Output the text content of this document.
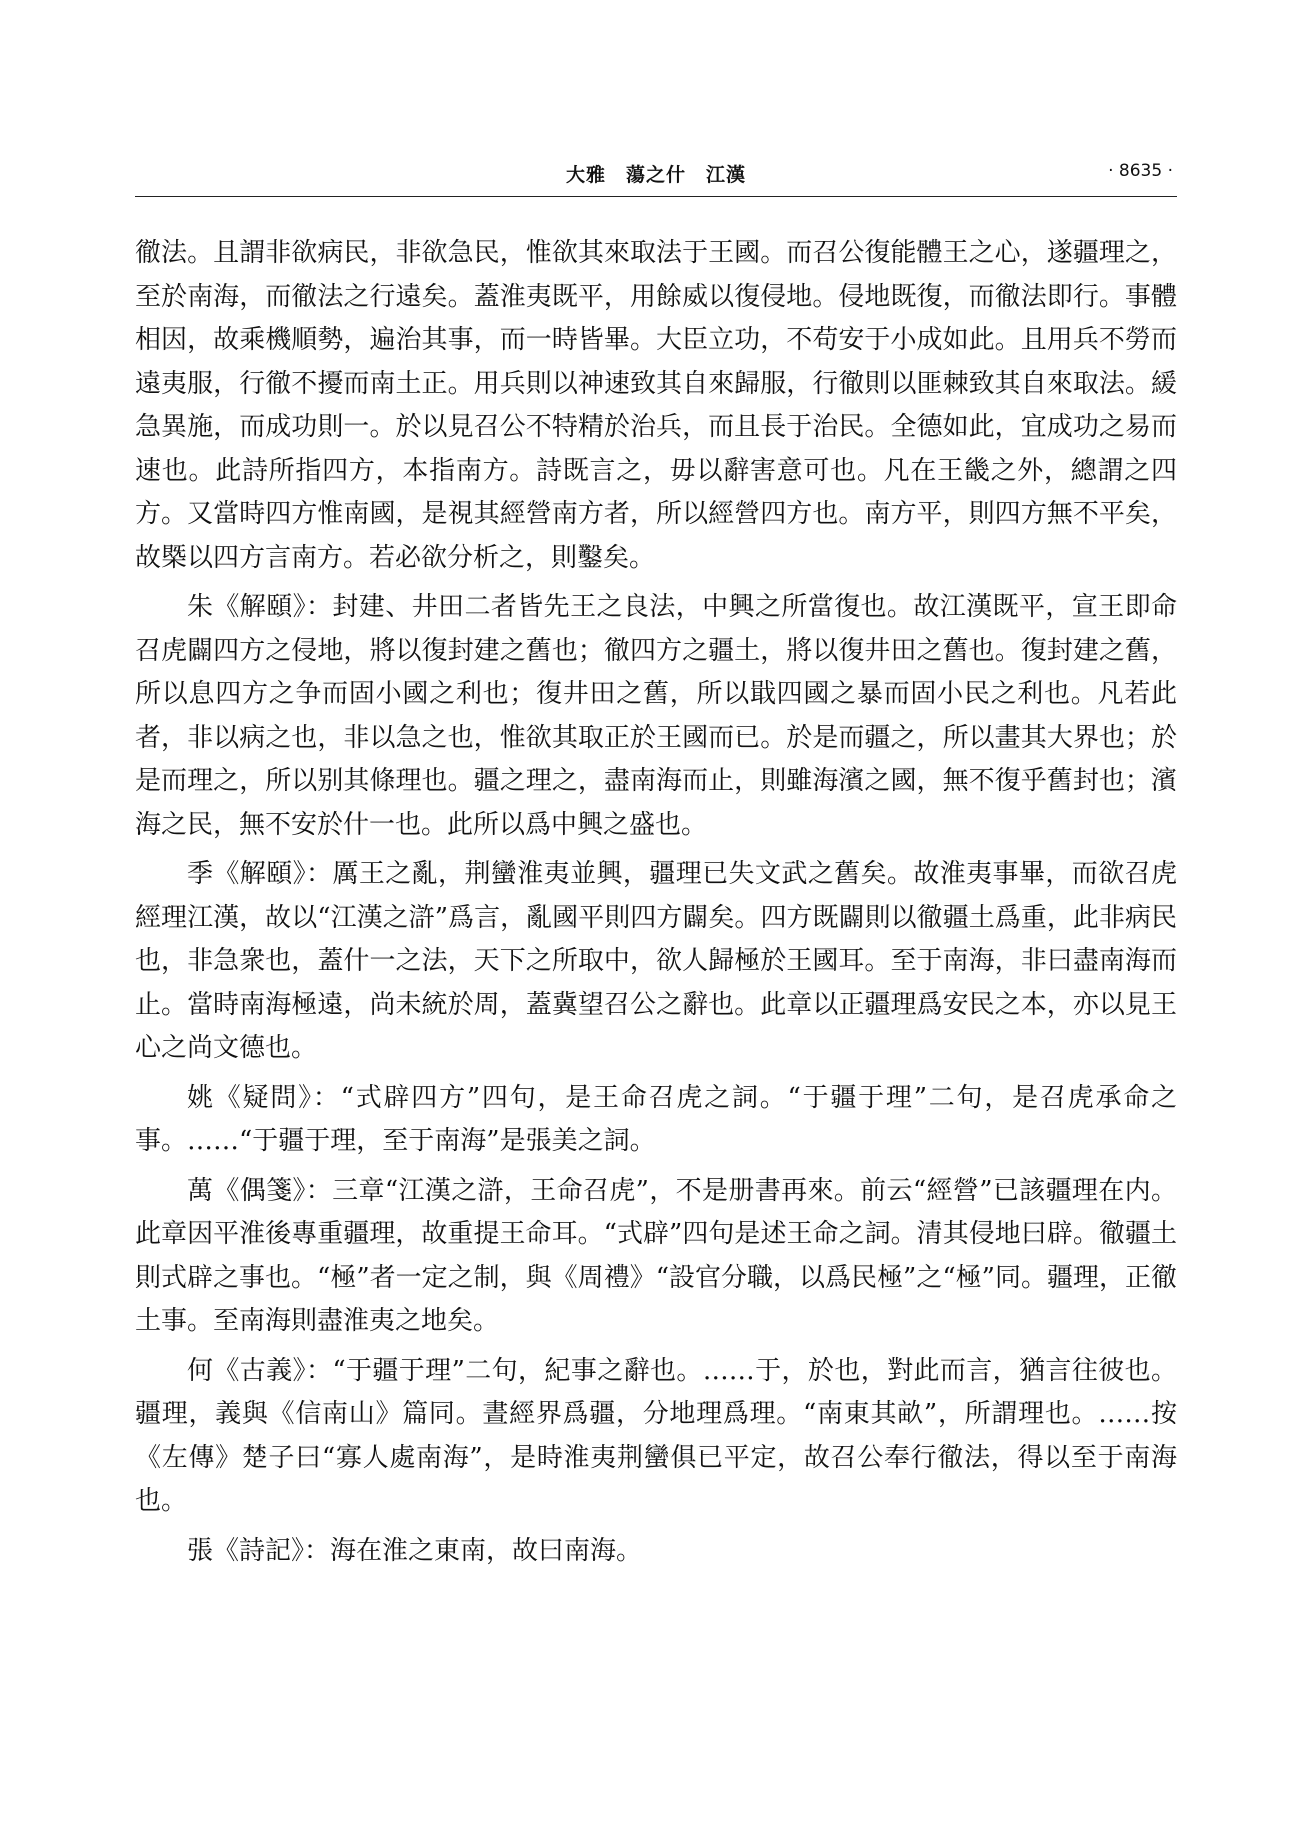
大雅　蕩之什　江漢	· 8635 ·

徹法。且謂非欲病民，非欲急民，惟欲其來取法于王國。而召公復能體王之心，遂疆理之，至於南海，而徹法之行遠矣。蓋淮夷既平，用餘威以復侵地。侵地既復，而徹法即行。事體相因，故乘機順勢，遍治其事，而一時皆畢。大臣立功，不苟安于小成如此。且用兵不勞而遠夷服，行徹不擾而南土正。用兵則以神速致其自來歸服，行徹則以匪棘致其自來取法。緩急異施，而成功則一。於以見召公不特精於治兵，而且長于治民。全德如此，宜成功之易而速也。此詩所指四方，本指南方。詩既言之，毋以辭害意可也。凡在王畿之外，總謂之四方。又當時四方惟南國，是視其經營南方者，所以經營四方也。南方平，則四方無不平矣，故槩以四方言南方。若必欲分析之，則鑿矣。

朱《解頤》：封建、井田二者皆先王之良法，中興之所當復也。故江漢既平，宣王即命召虎闢四方之侵地，將以復封建之舊也；徹四方之疆土，將以復井田之舊也。復封建之舊，所以息四方之争而固小國之利也；復井田之舊，所以戢四國之暴而固小民之利也。凡若此者，非以病之也，非以急之也，惟欲其取正於王國而已。於是而疆之，所以畫其大界也；於是而理之，所以别其條理也。疆之理之，盡南海而止，則雖海濱之國，無不復乎舊封也；濱海之民，無不安於什一也。此所以爲中興之盛也。

季《解頤》：厲王之亂，荆蠻淮夷並興，疆理已失文武之舊矣。故淮夷事畢，而欲召虎經理江漢，故以“江漢之滸”爲言，亂國平則四方闢矣。四方既闢則以徹疆土爲重，此非病民也，非急衆也，蓋什一之法，天下之所取中，欲人歸極於王國耳。至于南海，非曰盡南海而止。當時南海極遠，尚未統於周，蓋冀望召公之辭也。此章以正疆理爲安民之本，亦以見王心之尚文德也。

姚《疑問》：“式辟四方”四句，是王命召虎之詞。“于疆于理”二句，是召虎承命之事。……“于疆于理，至于南海”是張美之詞。

萬《偶箋》：三章“江漢之滸，王命召虎”，不是册書再來。前云“經營”已該疆理在内。此章因平淮後專重疆理，故重提王命耳。“式辟”四句是述王命之詞。清其侵地曰辟。徹疆土則式辟之事也。“極”者一定之制，與《周禮》“設官分職，以爲民極”之“極”同。疆理，正徹土事。至南海則盡淮夷之地矣。

何《古義》：“于疆于理”二句，紀事之辭也。……于，於也，對此而言，猶言往彼也。疆理，義與《信南山》篇同。晝經界爲疆，分地理爲理。“南東其畝”，所謂理也。……按《左傳》楚子曰“寡人處南海”，是時淮夷荆蠻俱已平定，故召公奉行徹法，得以至于南海也。

張《詩記》：海在淮之東南，故曰南海。
